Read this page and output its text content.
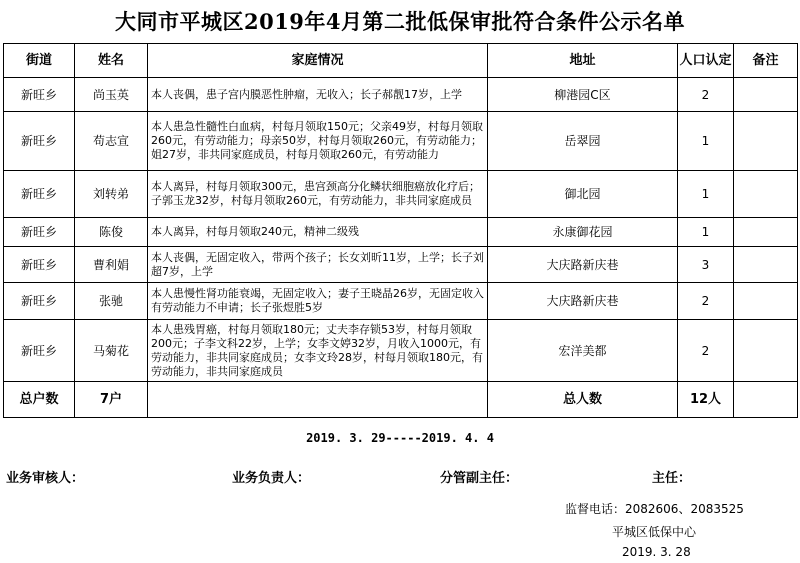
大同市平城区2019年4月第二批低保审批符合条件公示名单
街道	姓名	家庭情况	地址	人口认定	备注
新旺乡	尚玉英	本人丧偶，患子宫内膜恶性肿瘤，无收入；长子郝靓17岁，上学	柳港园C区	2	
新旺乡	苟志宣	本人患急性髓性白血病，村每月领取150元；父亲49岁，村每月领取260元，有劳动能力；母亲50岁，村每月领取260元，有劳动能力；姐27岁，非共同家庭成员，村每月领取260元，有劳动能力	岳翠园	1	
新旺乡	刘转弟	本人离异，村每月领取300元，患宫颈高分化鳞状细胞癌放化疗后；子郭玉龙32岁，村每月领取260元，有劳动能力，非共同家庭成员	御北园	1	
新旺乡	陈俊	本人离异，村每月领取240元，精神二级残	永康御花园	1	
新旺乡	曹利娟	本人丧偶，无固定收入，带两个孩子；长女刘昕11岁，上学；长子刘超7岁，上学	大庆路新庆巷	3	
新旺乡	张驰	本人患慢性肾功能衰竭，无固定收入；妻子王晓晶26岁，无固定收入有劳动能力不申请；长子张煜胜5岁	大庆路新庆巷	2	
新旺乡	马菊花	本人患残胃癌，村每月领取180元；丈夫李存锁53岁，村每月领取200元；子李文科22岁，上学；女李文婷32岁，月收入1000元，有劳动能力，非共同家庭成员；女李文玲28岁，村每月领取180元，有劳动能力，非共同家庭成员	宏洋美都	2	
总户数	7户		总人数	12人	
2019. 3. 29-----2019. 4. 4
业务审核人：	业务负责人：	分管副主任：	主任：
监督电话：2082606、2083525
平城区低保中心
2019. 3. 28
